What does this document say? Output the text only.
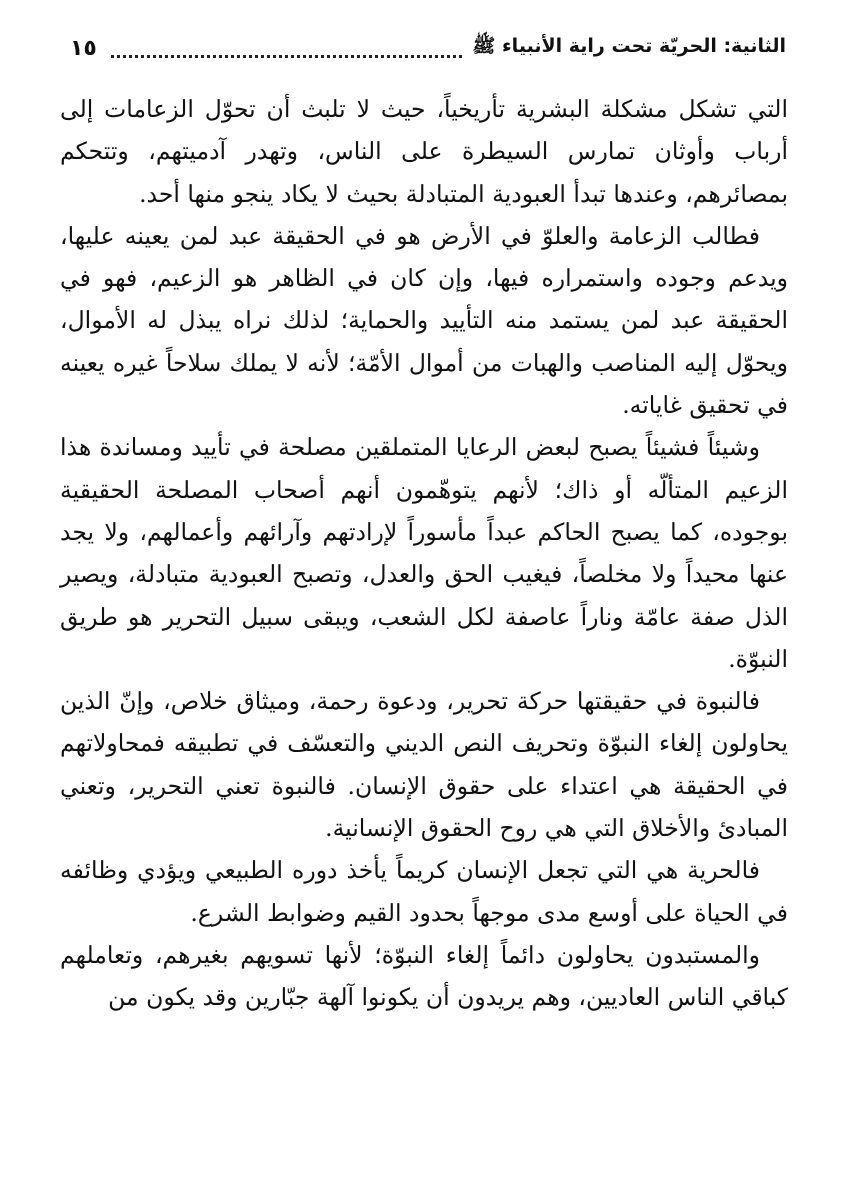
الثانية: الحريّة تحت راية الأنبياء ﷺ
١٥

التي تشكل مشكلة البشرية تأريخياً، حيث لا تلبث أن تحوّل الزعامات إلى أرباب وأوثان تمارس السيطرة على الناس، وتهدر آدميتهم، وتتحكم بمصائرهم، وعندها تبدأ العبودية المتبادلة بحيث لا يكاد ينجو منها أحد.

فطالب الزعامة والعلوّ في الأرض هو في الحقيقة عبد لمن يعينه عليها، ويدعم وجوده واستمراره فيها، وإن كان في الظاهر هو الزعيم، فهو في الحقيقة عبد لمن يستمد منه التأييد والحماية؛ لذلك نراه يبذل له الأموال، ويحوّل إليه المناصب والهبات من أموال الأمّة؛ لأنه لا يملك سلاحاً غيره يعينه في تحقيق غاياته.

وشيئاً فشيئاً يصبح لبعض الرعايا المتملقين مصلحة في تأييد ومساندة هذا الزعيم المتألّه أو ذاك؛ لأنهم يتوهّمون أنهم أصحاب المصلحة الحقيقية بوجوده، كما يصبح الحاكم عبداً مأسوراً لإرادتهم وآرائهم وأعمالهم، ولا يجد عنها محيداً ولا مخلصاً، فيغيب الحق والعدل، وتصبح العبودية متبادلة، ويصير الذل صفة عامّة وناراً عاصفة لكل الشعب، ويبقى سبيل التحرير هو طريق النبوّة.

فالنبوة في حقيقتها حركة تحرير، ودعوة رحمة، وميثاق خلاص، وإنّ الذين يحاولون إلغاء النبوّة وتحريف النص الديني والتعسّف في تطبيقه فمحاولاتهم في الحقيقة هي اعتداء على حقوق الإنسان. فالنبوة تعني التحرير، وتعني المبادئ والأخلاق التي هي روح الحقوق الإنسانية.

فالحرية هي التي تجعل الإنسان كريماً يأخذ دوره الطبيعي ويؤدي وظائفه في الحياة على أوسع مدى موجهاً بحدود القيم وضوابط الشرع.

والمستبدون يحاولون دائماً إلغاء النبوّة؛ لأنها تسويهم بغيرهم، وتعاملهم كباقي الناس العاديين، وهم يريدون أن يكونوا آلهة جبّارين وقد يكون من
